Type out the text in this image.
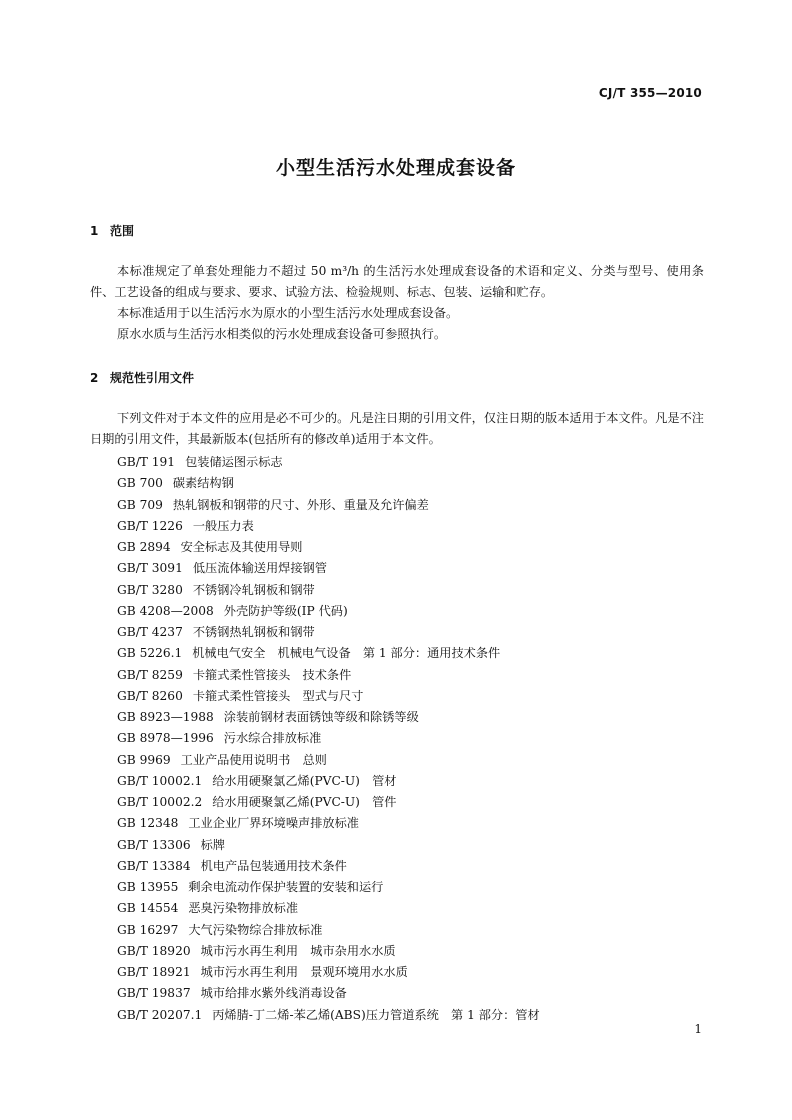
CJ/T 355—2010
小型生活污水处理成套设备
1 范围
本标准规定了单套处理能力不超过 50 m³/h 的生活污水处理成套设备的术语和定义、分类与型号、使用条件、工艺设备的组成与要求、要求、试验方法、检验规则、标志、包装、运输和贮存。
本标准适用于以生活污水为原水的小型生活污水处理成套设备。
原水水质与生活污水相类似的污水处理成套设备可参照执行。
2 规范性引用文件
下列文件对于本文件的应用是必不可少的。凡是注日期的引用文件，仅注日期的版本适用于本文件。凡是不注日期的引用文件，其最新版本(包括所有的修改单)适用于本文件。
GB/T 191 包装储运图示标志
GB 700 碳素结构钢
GB 709 热轧钢板和钢带的尺寸、外形、重量及允许偏差
GB/T 1226 一般压力表
GB 2894 安全标志及其使用导则
GB/T 3091 低压流体输送用焊接钢管
GB/T 3280 不锈钢冷轧钢板和钢带
GB 4208—2008 外壳防护等级(IP 代码)
GB/T 4237 不锈钢热轧钢板和钢带
GB 5226.1 机械电气安全　机械电气设备　第 1 部分：通用技术条件
GB/T 8259 卡箍式柔性管接头　技术条件
GB/T 8260 卡箍式柔性管接头　型式与尺寸
GB 8923—1988 涂装前钢材表面锈蚀等级和除锈等级
GB 8978—1996 污水综合排放标准
GB 9969 工业产品使用说明书　总则
GB/T 10002.1 给水用硬聚氯乙烯(PVC-U)　管材
GB/T 10002.2 给水用硬聚氯乙烯(PVC-U)　管件
GB 12348 工业企业厂界环境噪声排放标准
GB/T 13306 标牌
GB/T 13384 机电产品包装通用技术条件
GB 13955 剩余电流动作保护装置的安装和运行
GB 14554 恶臭污染物排放标准
GB 16297 大气污染物综合排放标准
GB/T 18920 城市污水再生利用　城市杂用水水质
GB/T 18921 城市污水再生利用　景观环境用水水质
GB/T 19837 城市给排水紫外线消毒设备
GB/T 20207.1 丙烯腈-丁二烯-苯乙烯(ABS)压力管道系统　第 1 部分：管材
1
